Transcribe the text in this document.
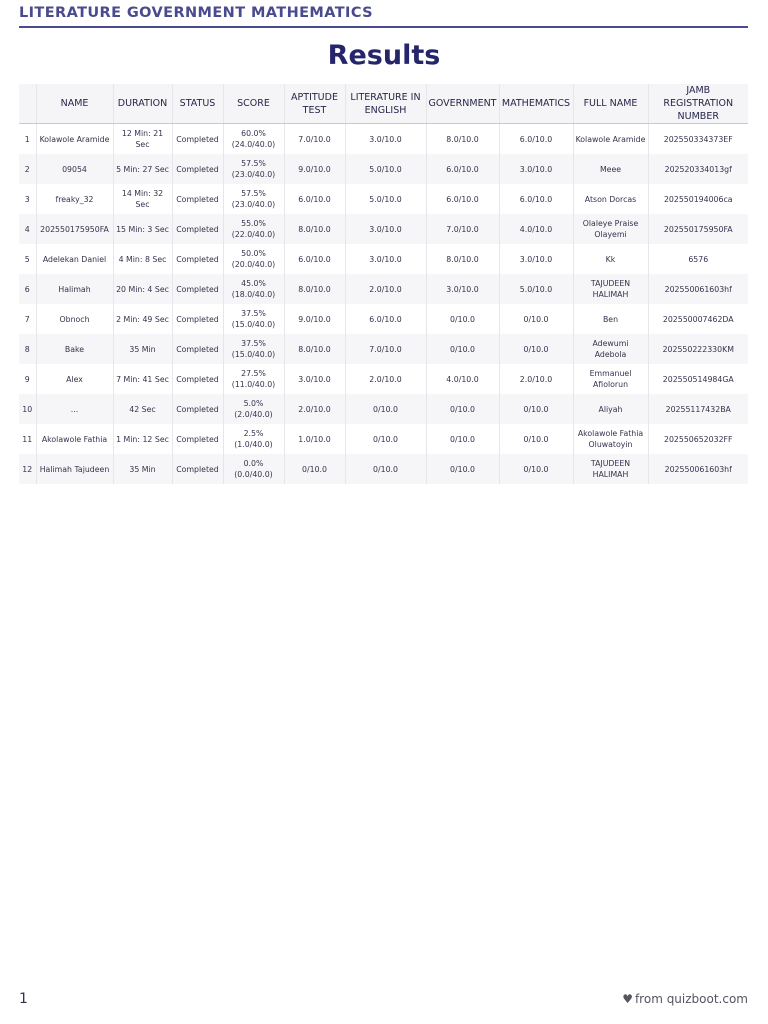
LITERATURE GOVERNMENT MATHEMATICS
Results
	NAME	DURATION	STATUS	SCORE	APTITUDE TEST	LITERATURE IN ENGLISH	GOVERNMENT	MATHEMATICS	FULL NAME	JAMB REGISTRATION NUMBER
1	Kolawole Aramide	12 Min: 21 Sec	Completed	60.0% (24.0/40.0)	7.0/10.0	3.0/10.0	8.0/10.0	6.0/10.0	Kolawole Aramide	202550334373EF
2	09054	5 Min: 27 Sec	Completed	57.5% (23.0/40.0)	9.0/10.0	5.0/10.0	6.0/10.0	3.0/10.0	Meee	202520334013gf
3	freaky_32	14 Min: 32 Sec	Completed	57.5% (23.0/40.0)	6.0/10.0	5.0/10.0	6.0/10.0	6.0/10.0	Atson Dorcas	202550194006ca
4	202550175950FA	15 Min: 3 Sec	Completed	55.0% (22.0/40.0)	8.0/10.0	3.0/10.0	7.0/10.0	4.0/10.0	Olaleye Praise Olayemi	202550175950FA
5	Adelekan Daniel	4 Min: 8 Sec	Completed	50.0% (20.0/40.0)	6.0/10.0	3.0/10.0	8.0/10.0	3.0/10.0	Kk	6576
6	Halimah	20 Min: 4 Sec	Completed	45.0% (18.0/40.0)	8.0/10.0	2.0/10.0	3.0/10.0	5.0/10.0	TAJUDEEN HALIMAH	202550061603hf
7	Obnoch	2 Min: 49 Sec	Completed	37.5% (15.0/40.0)	9.0/10.0	6.0/10.0	0/10.0	0/10.0	Ben	202550007462DA
8	Bake	35 Min	Completed	37.5% (15.0/40.0)	8.0/10.0	7.0/10.0	0/10.0	0/10.0	Adewumi Adebola	202550222330KM
9	Alex	7 Min: 41 Sec	Completed	27.5% (11.0/40.0)	3.0/10.0	2.0/10.0	4.0/10.0	2.0/10.0	Emmanuel Afiolorun	202550514984GA
10	...	42 Sec	Completed	5.0% (2.0/40.0)	2.0/10.0	0/10.0	0/10.0	0/10.0	Aliyah	20255117432BA
11	Akolawole Fathia	1 Min: 12 Sec	Completed	2.5% (1.0/40.0)	1.0/10.0	0/10.0	0/10.0	0/10.0	Akolawole Fathia Oluwatoyin	202550652032FF
12	Halimah Tajudeen	35 Min	Completed	0.0% (0.0/40.0)	0/10.0	0/10.0	0/10.0	0/10.0	TAJUDEEN HALIMAH	202550061603hf
1	♥ from quizboot.com
